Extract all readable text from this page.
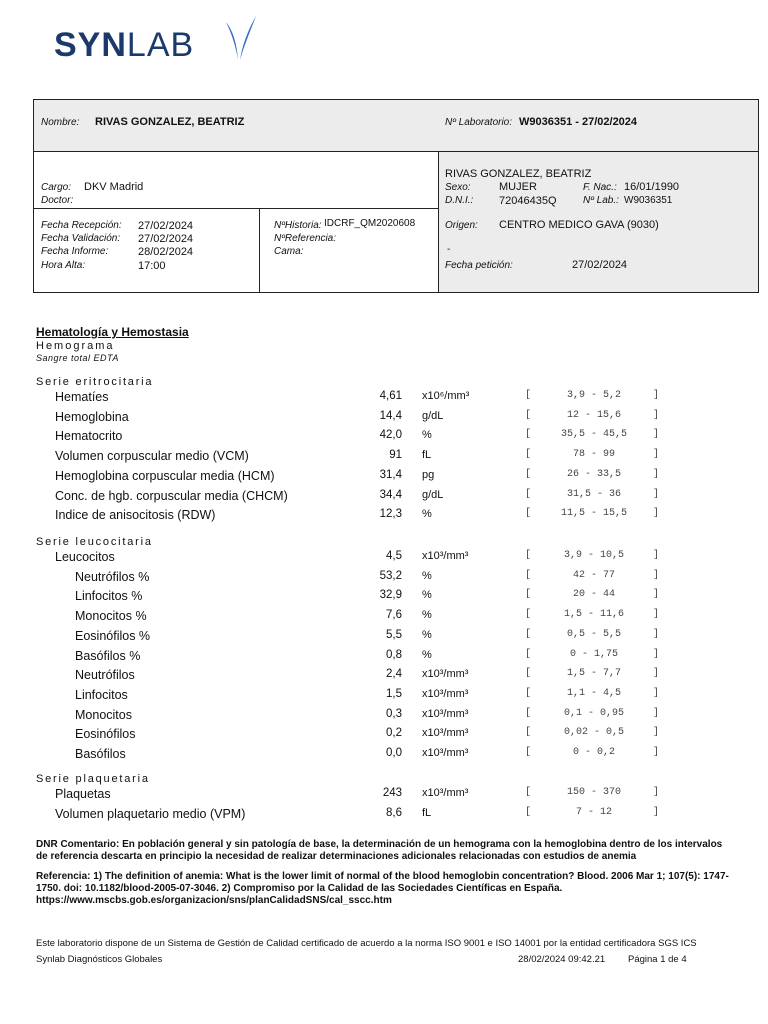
SYNLAB
Nombre: RIVAS GONZALEZ, BEATRIZ	Nº Laboratorio: W9036351 - 27/02/2024
Cargo: DKV Madrid
Doctor:
RIVAS GONZALEZ, BEATRIZ
Sexo:	MUJER	F. Nac.: 16/01/1990
D.N.I.: 72046435Q	Nº Lab.: W9036351
Fecha Recepción: 27/02/2024
Fecha Validación: 27/02/2024
Fecha Informe:	28/02/2024
Hora Alta:	17:00
NºHistoria: IDCRF_QM2020608
NºReferencia:
Cama:
Origen: CENTRO MEDICO GAVA (9030)
-
Fecha petición:	27/02/2024
Hematología y Hemostasia
Hemograma
Sangre total EDTA
Serie eritrocitaria
Hematíes	4,61 x10⁶/mm³	[	3,9 - 5,2	]
Hemoglobina	14,4 g/dL	[	12 - 15,6	]
Hematocrito	42,0 %	[	35,5 - 45,5	]
Volumen corpuscular medio (VCM)	91 fL	[	78 - 99	]
Hemoglobina corpuscular media (HCM)	31,4 pg	[	26 - 33,5	]
Conc. de hgb. corpuscular media (CHCM)	34,4 g/dL	[	31,5 - 36	]
Indice de anisocitosis (RDW)	12,3 %	[	11,5 - 15,5	]
Serie leucocitaria
Leucocitos	4,5 x10³/mm³	[	3,9 - 10,5	]
Neutrófilos %	53,2 %	[	42 - 77	]
Linfocitos %	32,9 %	[	20 - 44	]
Monocitos %	7,6 %	[	1,5 - 11,6	]
Eosinófilos %	5,5 %	[	0,5 - 5,5	]
Basófilos %	0,8 %	[	0 - 1,75	]
Neutrófilos	2,4 x10³/mm³	[	1,5 - 7,7	]
Linfocitos	1,5 x10³/mm³	[	1,1 - 4,5	]
Monocitos	0,3 x10³/mm³	[	0,1 - 0,95	]
Eosinófilos	0,2 x10³/mm³	[	0,02 - 0,5	]
Basófilos	0,0 x10³/mm³	[	0 - 0,2	]
Serie plaquetaria
Plaquetas	243 x10³/mm³	[	150 - 370	]
Volumen plaquetario medio (VPM)	8,6 fL	[	7 - 12	]
DNR Comentario: En población general y sin patología de base, la determinación de un hemograma con la hemoglobina dentro de los intervalos de referencia descarta en principio la necesidad de realizar determinaciones adicionales relacionadas con estudios de anemia
Referencia: 1) The definition of anemia: What is the lower limit of normal of the blood hemoglobin concentration? Blood. 2006 Mar 1; 107(5): 1747-1750. doi: 10.1182/blood-2005-07-3046. 2) Compromiso por la Calidad de las Sociedades Científicas en España. https://www.mscbs.gob.es/organizacion/sns/planCalidadSNS/cal_sscc.htm
Este laboratorio dispone de un Sistema de Gestión de Calidad certificado de acuerdo a la norma ISO 9001 e ISO 14001 por la entidad certificadora SGS ICS
Synlab Diagnósticos Globales	28/02/2024 09:42.21 Página 1 de 4
